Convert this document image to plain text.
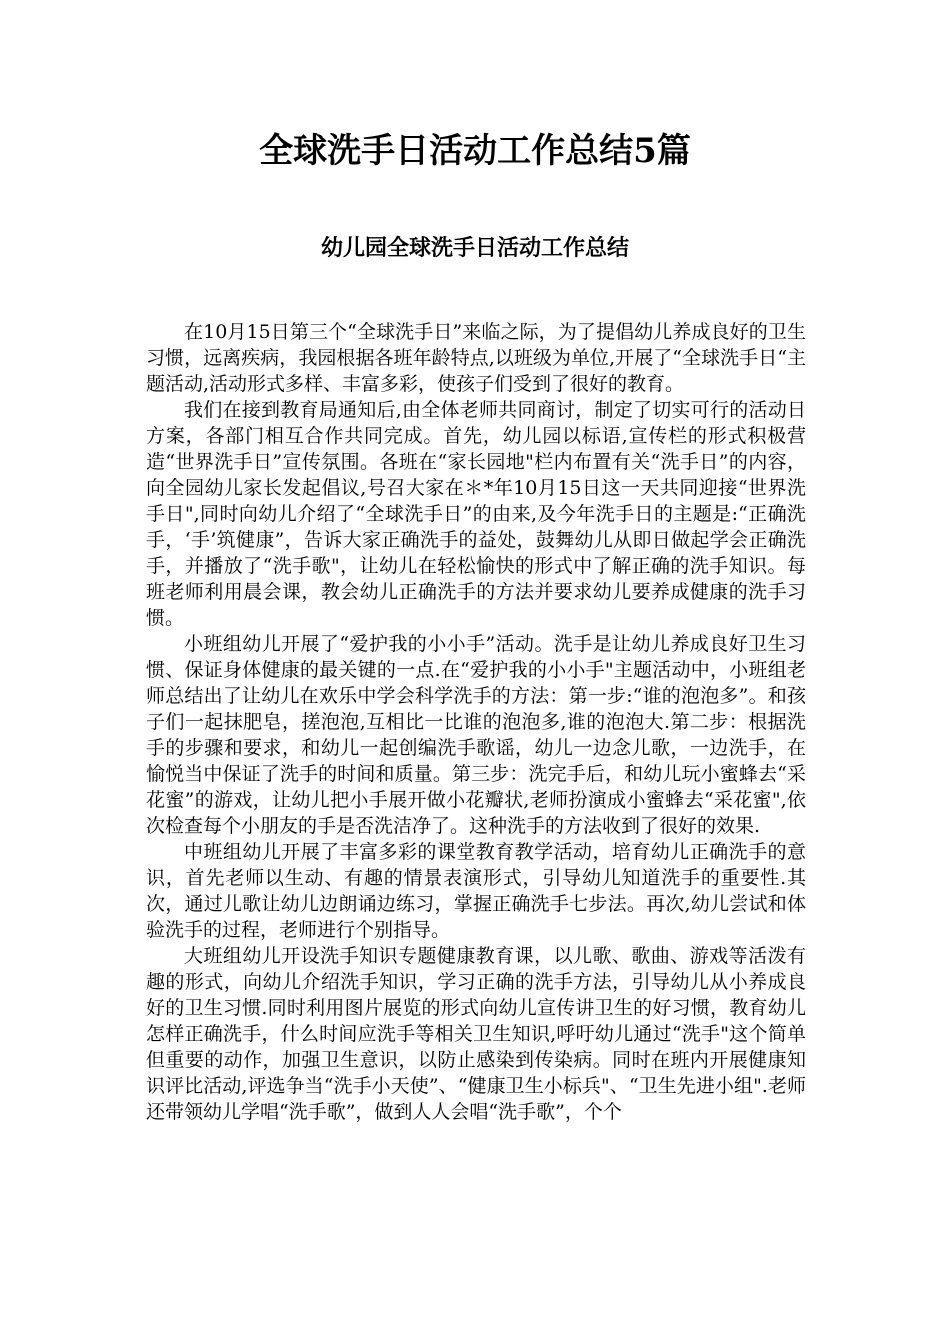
全球洗手日活动工作总结5篇
幼儿园全球洗手日活动工作总结

在10月15日第三个“全球洗手日”来临之际，为了提倡幼儿养成良好的卫生习惯，远离疾病，我园根据各班年龄特点,以班级为单位,开展了“全球洗手日“主题活动,活动形式多样、丰富多彩，使孩子们受到了很好的教育。

我们在接到教育局通知后,由全体老师共同商讨，制定了切实可行的活动日方案，各部门相互合作共同完成。首先，幼儿园以标语,宣传栏的形式积极营造“世界洗手日”宣传氛围。各班在“家长园地"栏内布置有关“洗手日”的内容，向全园幼儿家长发起倡议,号召大家在＊*年10月15日这一天共同迎接“世界洗手日",同时向幼儿介绍了“全球洗手日”的由来,及今年洗手日的主题是:“正确洗手，‘手’筑健康”，告诉大家正确洗手的益处，鼓舞幼儿从即日做起学会正确洗手，并播放了“洗手歌"，让幼儿在轻松愉快的形式中了解正确的洗手知识。每班老师利用晨会课，教会幼儿正确洗手的方法并要求幼儿要养成健康的洗手习惯。

小班组幼儿开展了“爱护我的小小手”活动。洗手是让幼儿养成良好卫生习惯、保证身体健康的最关键的一点.在“爱护我的小小手"主题活动中，小班组老师总结出了让幼儿在欢乐中学会科学洗手的方法：第一步:“谁的泡泡多”。和孩子们一起抹肥皂，搓泡泡,互相比一比谁的泡泡多,谁的泡泡大.第二步：根据洗手的步骤和要求，和幼儿一起创编洗手歌谣，幼儿一边念儿歌，一边洗手，在愉悦当中保证了洗手的时间和质量。第三步：洗完手后，和幼儿玩小蜜蜂去“采花蜜”的游戏，让幼儿把小手展开做小花瓣状,老师扮演成小蜜蜂去“采花蜜",依次检查每个小朋友的手是否洗洁净了。这种洗手的方法收到了很好的效果.

中班组幼儿开展了丰富多彩的课堂教育教学活动，培育幼儿正确洗手的意识，首先老师以生动、有趣的情景表演形式，引导幼儿知道洗手的重要性.其次，通过儿歌让幼儿边朗诵边练习，掌握正确洗手七步法。再次,幼儿尝试和体验洗手的过程，老师进行个别指导。

大班组幼儿开设洗手知识专题健康教育课，以儿歌、歌曲、游戏等活泼有趣的形式，向幼儿介绍洗手知识，学习正确的洗手方法，引导幼儿从小养成良好的卫生习惯.同时利用图片展览的形式向幼儿宣传讲卫生的好习惯，教育幼儿怎样正确洗手，什么时间应洗手等相关卫生知识,呼吁幼儿通过“洗手"这个简单但重要的动作，加强卫生意识，以防止感染到传染病。同时在班内开展健康知识评比活动,评选争当“洗手小天使”、“健康卫生小标兵"、“卫生先进小组".老师还带领幼儿学唱“洗手歌”，做到人人会唱“洗手歌”，个个
